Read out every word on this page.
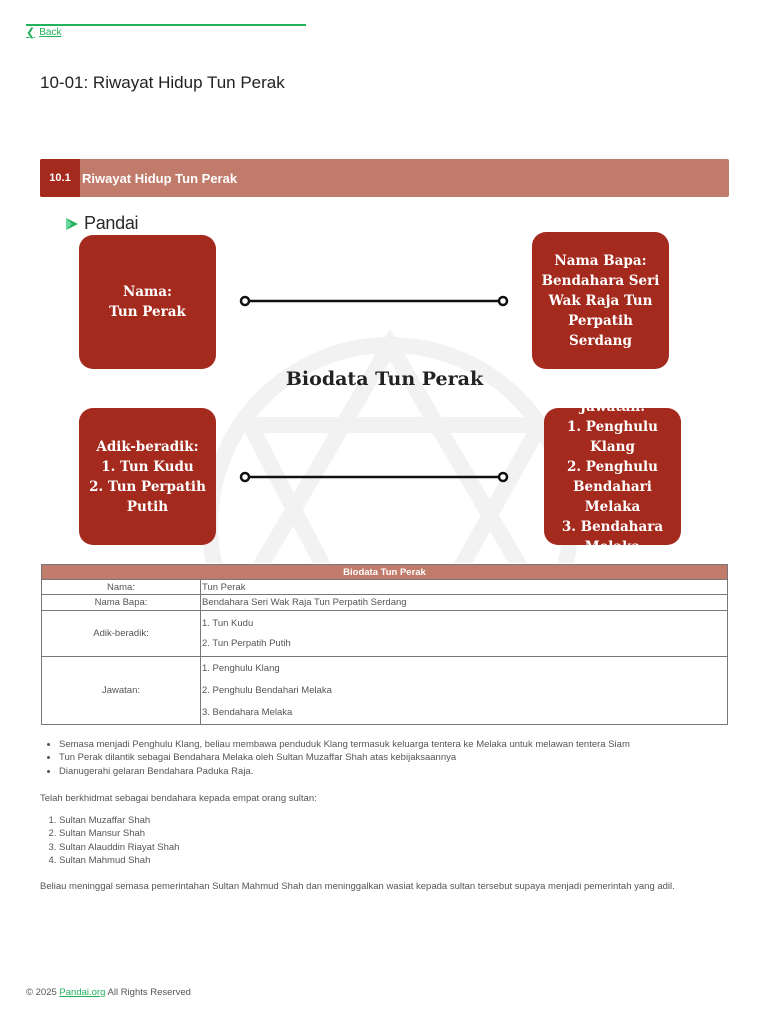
❮ Back
10-01: Riwayat Hidup Tun Perak
10.1 Riwayat Hidup Tun Perak
Pandai
Nama:
Tun Perak
Nama Bapa:
Bendahara Seri
Wak Raja Tun
Perpatih Serdang
Adik-beradik:
1. Tun Kudu
2. Tun Perpatih
Putih
Jawatan:
1. Penghulu Klang
2. Penghulu
Bendahari Melaka
3. Bendahara
Melaka
Biodata Tun Perak
Biodata Tun Perak	
Nama:	Tun Perak
Nama Bapa:	Bendahara Seri Wak Raja Tun Perpatih Serdang
Adik-beradik:	1. Tun Kudu
2. Tun Perpatih Putih

Jawatan:	1. Penghulu Klang
2. Penghulu Bendahari Melaka
3. Bendahara Melaka
• Semasa menjadi Penghulu Klang, beliau membawa penduduk Klang termasuk keluarga tentera ke Melaka untuk melawan tentera Siam
• Tun Perak dilantik sebagai Bendahara Melaka oleh Sultan Muzaffar Shah atas kebijaksaannya
• Dianugerahi gelaran Bendahara Paduka Raja.

Telah berkhidmat sebagai bendahara kepada empat orang sultan:

1. Sultan Muzaffar Shah
2. Sultan Mansur Shah
3. Sultan Alauddin Riayat Shah
4. Sultan Mahmud Shah

Beliau meninggal semasa pemerintahan Sultan Mahmud Shah dan meninggalkan wasiat kepada sultan tersebut supaya menjadi pemerintah yang adil.

© 2025 Pandai.org All Rights Reserved
